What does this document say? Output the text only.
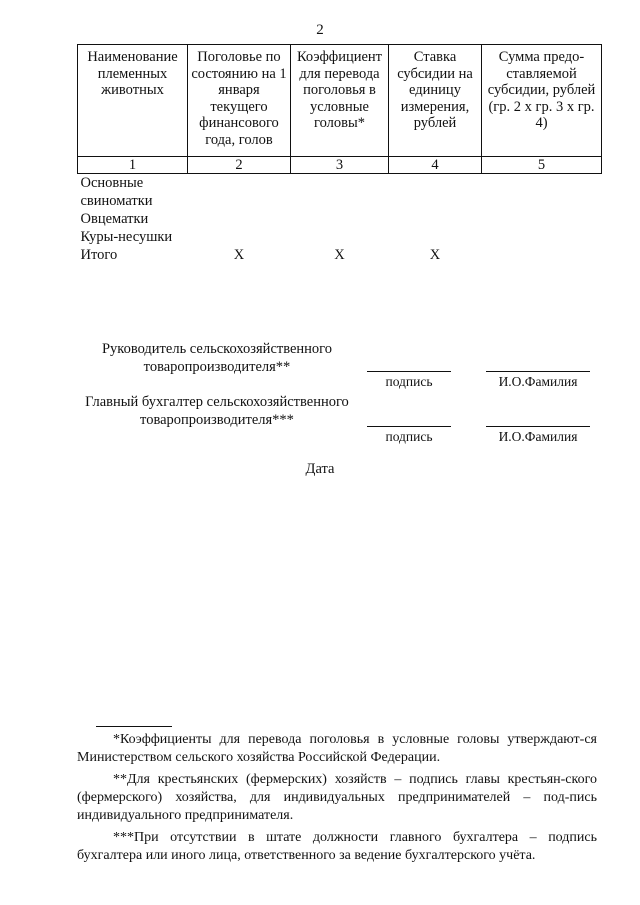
2
Наименование племенных животных	Поголовье по состоянию на 1 января текущего финансового года, голов	Коэффициент для перевода поголовья в условные головы*	Ставка субсидии на единицу измерения, рублей	Сумма предо-ставляемой субсидии, рублей (гр. 2 x гр. 3 x гр. 4)
1	2	3	4	5
Основные свиноматки				
Овцематки				
Куры-несушки				
Итого	X	X	X	
Руководитель сельскохозяйственного
товаропроизводителя**
подпись	И.О.Фамилия
Главный бухгалтер сельскохозяйственного
товаропроизводителя***
подпись	И.О.Фамилия
Дата

*Коэффициенты для перевода поголовья в условные головы утверждают-ся Министерством сельского хозяйства Российской Федерации.

**Для крестьянских (фермерских) хозяйств – подпись главы крестьян-ского (фермерского) хозяйства, для индивидуальных предпринимателей – под-пись индивидуального предпринимателя.

***При отсутствии в штате должности главного бухгалтера – подпись бухгалтера или иного лица, ответственного за ведение бухгалтерского учёта.
